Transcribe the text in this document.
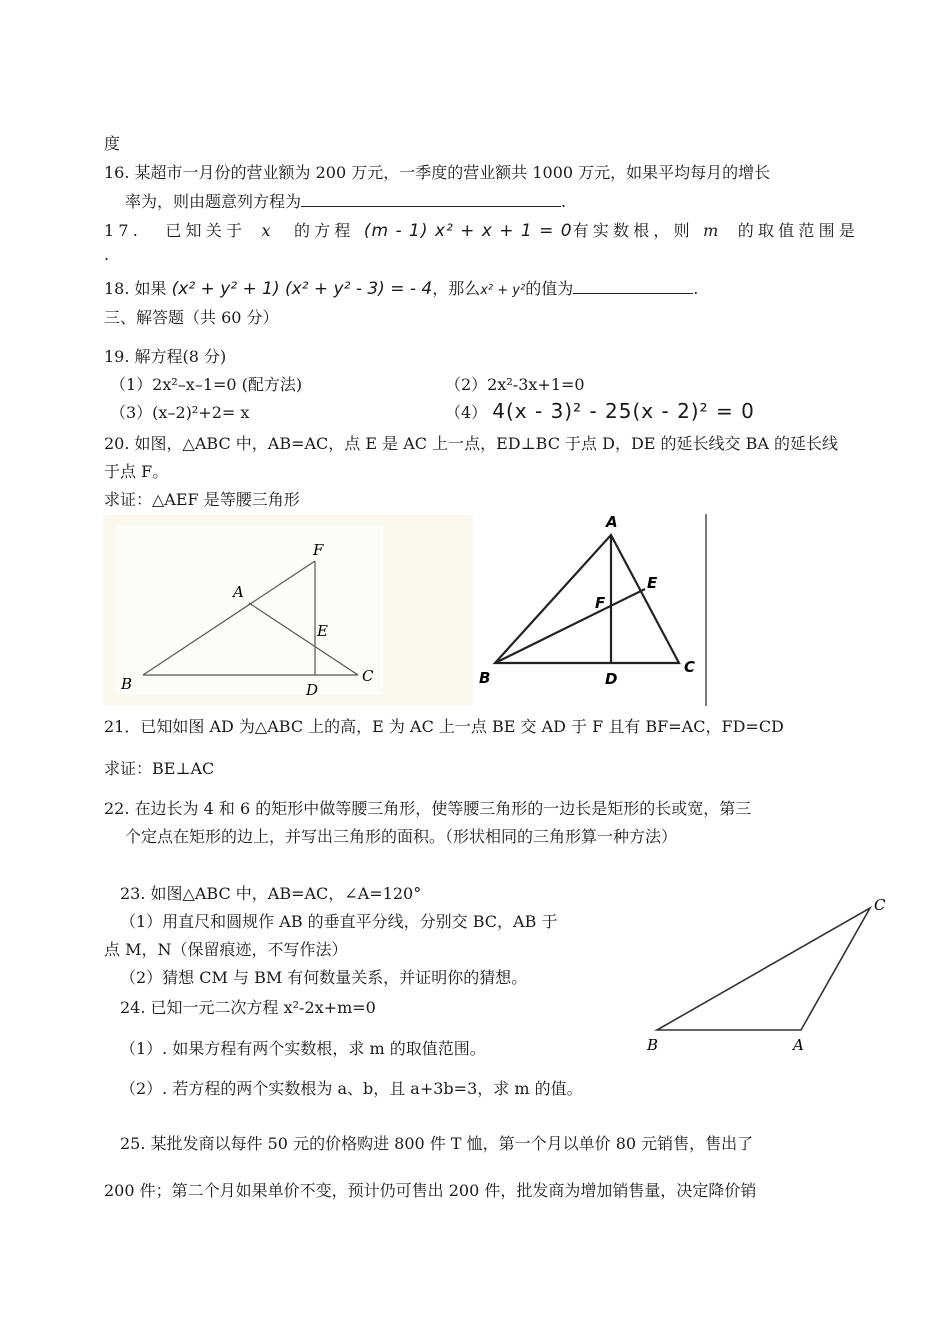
度
16. 某超市一月份的营业额为 200 万元，一季度的营业额共 1000 万元，如果平均每月的增长
率为，则由题意列方程为	.
17. 已知关于 x 的方程 (m - 1) x² + x + 1 = 0有实数根，则 m 的取值范围是
.
18. 如果 (x² + y² + 1) (x² + y² - 3) = - 4，那么x² + y²的值为	.
三、解答题（共 60 分）
19. 解方程(8 分)
（1）2x²–x–1=0 (配方法)	（2）2x²-3x+1=0
（3）(x–2)²+2= x	（4） 4(x - 3)² - 25(x - 2)² = 0
20. 如图，△ABC 中，AB=AC，点 E 是 AC 上一点，ED⊥BC 于点 D，DE 的延长线交 BA 的延长线
于点 F。
求证：△AEF 是等腰三角形
F
A
E
B	D
C
A
E
F
B	D
C
21．已知如图 AD 为△ABC 上的高，E 为 AC 上一点 BE 交 AD 于 F 且有 BF=AC，FD=CD
求证：BE⊥AC
22. 在边长为 4 和 6 的矩形中做等腰三角形，使等腰三角形的一边长是矩形的长或宽，第三
个定点在矩形的边上，并写出三角形的面积。（形状相同的三角形算一种方法）
23. 如图△ABC 中，AB=AC，∠A=120°
（1）用直尺和圆规作 AB 的垂直平分线，分别交 BC，AB 于
点 M，N（保留痕迹，不写作法）
（2）猜想 CM 与 BM 有何数量关系，并证明你的猜想。
C
B	A
24. 已知一元二次方程 x²-2x+m=0
（1）. 如果方程有两个实数根，求 m 的取值范围。
（2）. 若方程的两个实数根为 a、b，且 a+3b=3，求 m 的值。
25. 某批发商以每件 50 元的价格购进 800 件 T 恤，第一个月以单价 80 元销售，售出了
200 件；第二个月如果单价不变，预计仍可售出 200 件，批发商为增加销售量，决定降价销
